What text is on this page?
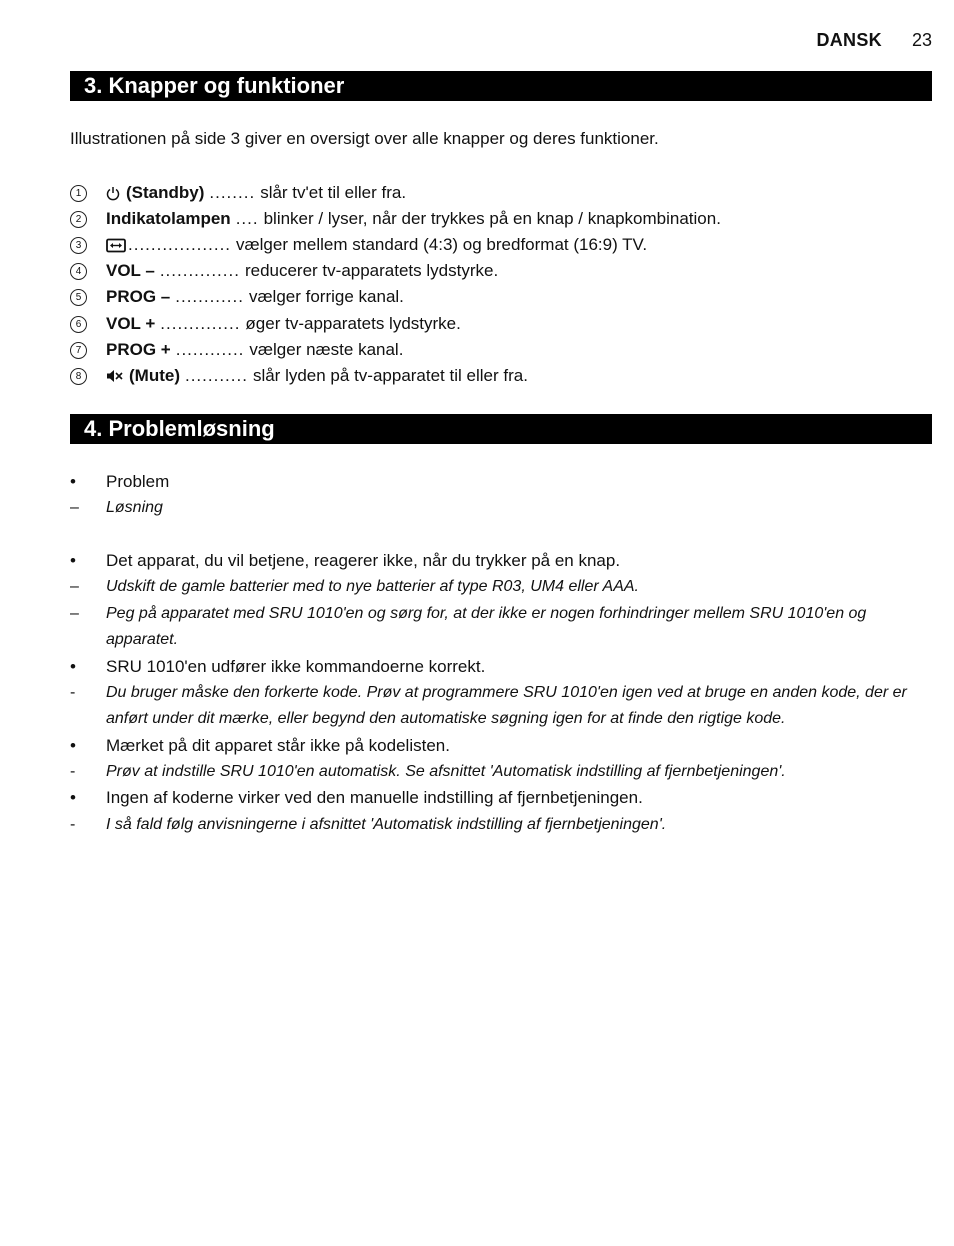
DANSK 23
3. Knapper og funktioner
Illustrationen på side 3 giver en oversigt over alle knapper og deres funktioner.
1	(Standby) ........ slår tv'et til eller fra.
2	Indikatolampen .... blinker / lyser, når der trykkes på en knap / knapkombination.
3	.................. vælger mellem standard (4:3) og bredformat (16:9) TV.
4	VOL – .............. reducerer tv-apparatets lydstyrke.
5	PROG – ............ vælger forrige kanal.
6	VOL + .............. øger tv-apparatets lydstyrke.
7	PROG + ............ vælger næste kanal.
8	(Mute) ........... slår lyden på tv-apparatet til eller fra.
4. Problemløsning
•	Problem
–	Løsning
•	Det apparat, du vil betjene, reagerer ikke, når du trykker på en knap.
–	Udskift de gamle batterier med to nye batterier af type R03, UM4 eller AAA.
–	Peg på apparatet med SRU 1010'en og sørg for, at der ikke er nogen forhindringer mellem SRU 1010'en og apparatet.
•	SRU 1010'en udfører ikke kommandoerne korrekt.
-	Du bruger måske den forkerte kode. Prøv at programmere SRU 1010'en igen ved at bruge en anden kode, der er anført under dit mærke, eller begynd den automatiske søgning igen for at finde den rigtige kode.
•	Mærket på dit apparet står ikke på kodelisten.
-	Prøv at indstille SRU 1010'en automatisk. Se afsnittet 'Automatisk indstilling af fjernbetjeningen'.
•	Ingen af koderne virker ved den manuelle indstilling af fjernbetjeningen.
-	I så fald følg anvisningerne i afsnittet 'Automatisk indstilling af fjernbetjeningen'.
